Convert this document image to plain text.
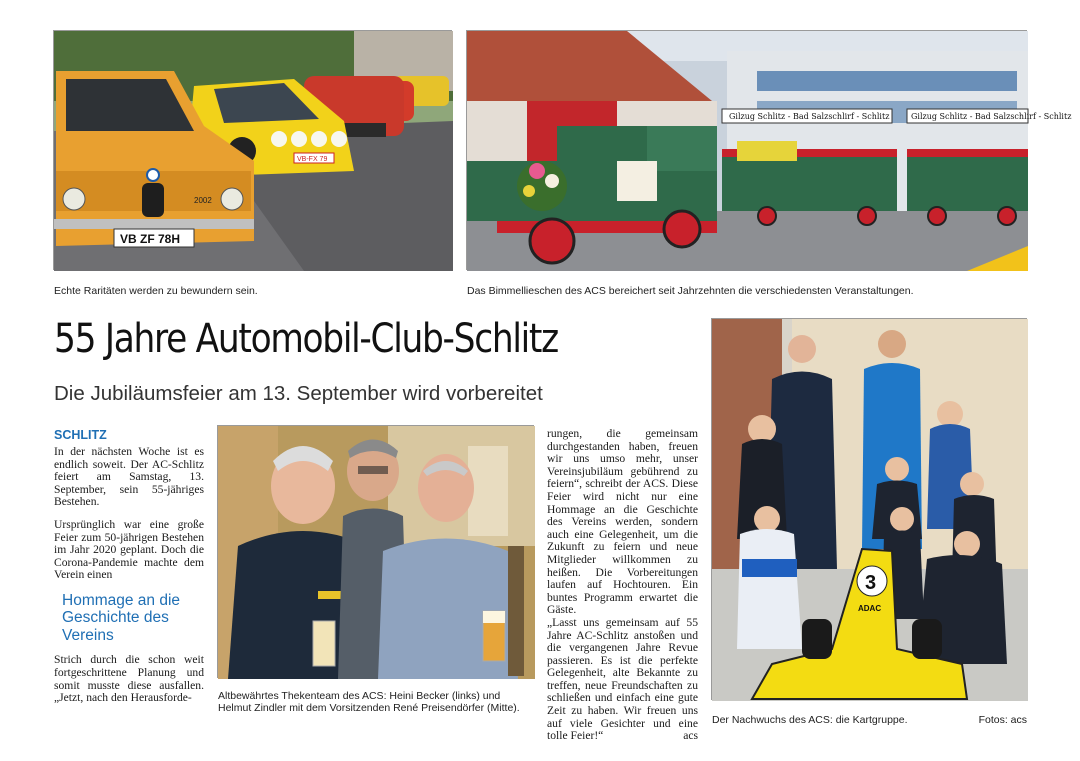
VB-FX 79
2002
VB ZF 78H
Echte Raritäten werden zu bewundern sein.
Gilzug Schlitz - Bad Salzschlirf - Schlitz	Gilzug Schlitz - Bad Salzschlirf - Schlitz
Das Bimmellieschen des ACS bereichert seit Jahrzehnten die verschiedensten Veranstaltungen.
55 Jahre Automobil-Club-Schlitz
Die Jubiläumsfeier am 13. September wird vorbereitet
SCHLITZ

In der nächsten Woche ist es endlich soweit. Der AC-Schlitz feiert am Samstag, 13. September, sein 55-jähriges Bestehen.

Ursprünglich war eine große Feier zum 50-jährigen Bestehen im Jahr 2020 geplant. Doch die Corona-Pandemie machte dem Verein einen

Hommage an die Geschichte des Vereins

Strich durch die schon weit fortgeschrittene Planung und somit musste diese ausfallen. „Jetzt, nach den Herausforde-	Altbewährtes Thekenteam des ACS: Heini Becker (links) und Helmut Zindler mit dem Vorsitzenden René Preisendörfer (Mitte).

rungen, die gemeinsam durchgestanden haben, freuen wir uns umso mehr, unser Vereinsjubiläum gebührend zu feiern“, schreibt der ACS. Diese Feier wird nicht nur eine Hommage an die Geschichte des Vereins werden, sondern auch eine Gelegenheit, um die Zukunft zu feiern und neue Mitglieder willkommen zu heißen. Die Vorbereitungen laufen auf Hochtouren. Ein buntes Programm erwartet die Gäste.

„Lasst uns gemeinsam auf 55 Jahre AC-Schlitz anstoßen und die vergangenen Jahre Revue passieren. Es ist die perfekte Gelegenheit, alte Bekannte zu treffen, neue Freundschaften zu schließen und einfach eine gute Zeit zu haben. Wir freuen uns auf viele Gesichter und eine tolle Feier!“	acs
3
ADAC
Der Nachwuchs des ACS: die Kartgruppe.	Fotos: acs
